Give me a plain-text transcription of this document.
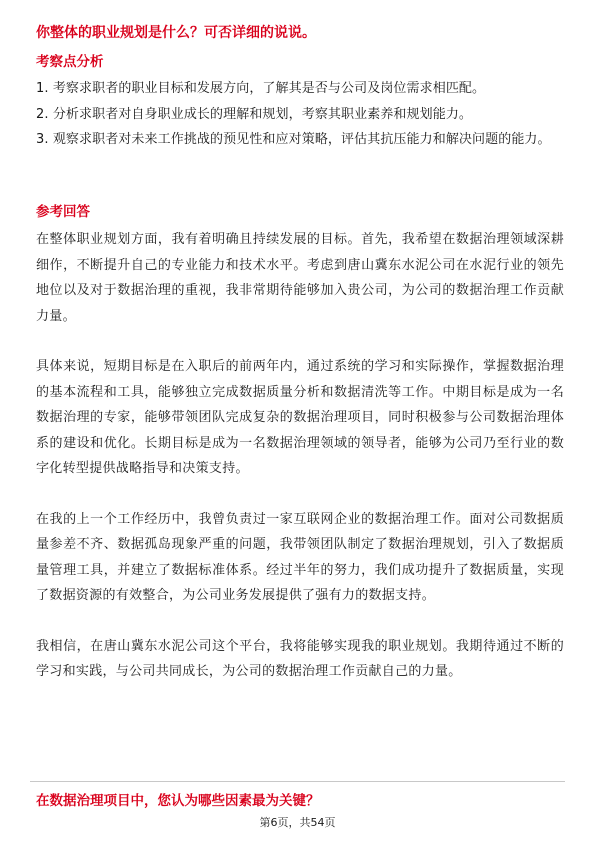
你整体的职业规划是什么？可否详细的说说。
考察点分析
1. 考察求职者的职业目标和发展方向，了解其是否与公司及岗位需求相匹配。
2. 分析求职者对自身职业成长的理解和规划，考察其职业素养和规划能力。
3. 观察求职者对未来工作挑战的预见性和应对策略，评估其抗压能力和解决问题的能力。
参考回答

在整体职业规划方面，我有着明确且持续发展的目标。首先，我希望在数据治理领域深耕细作，不断提升自己的专业能力和技术水平。考虑到唐山冀东水泥公司在水泥行业的领先地位以及对于数据治理的重视，我非常期待能够加入贵公司，为公司的数据治理工作贡献力量。

具体来说，短期目标是在入职后的前两年内，通过系统的学习和实际操作，掌握数据治理的基本流程和工具，能够独立完成数据质量分析和数据清洗等工作。中期目标是成为一名数据治理的专家，能够带领团队完成复杂的数据治理项目，同时积极参与公司数据治理体系的建设和优化。长期目标是成为一名数据治理领域的领导者，能够为公司乃至行业的数字化转型提供战略指导和决策支持。

在我的上一个工作经历中，我曾负责过一家互联网企业的数据治理工作。面对公司数据质量参差不齐、数据孤岛现象严重的问题，我带领团队制定了数据治理规划，引入了数据质量管理工具，并建立了数据标准体系。经过半年的努力，我们成功提升了数据质量，实现了数据资源的有效整合，为公司业务发展提供了强有力的数据支持。

我相信，在唐山冀东水泥公司这个平台，我将能够实现我的职业规划。我期待通过不断的学习和实践，与公司共同成长，为公司的数据治理工作贡献自己的力量。

在数据治理项目中，您认为哪些因素最为关键？
第6页，共54页
